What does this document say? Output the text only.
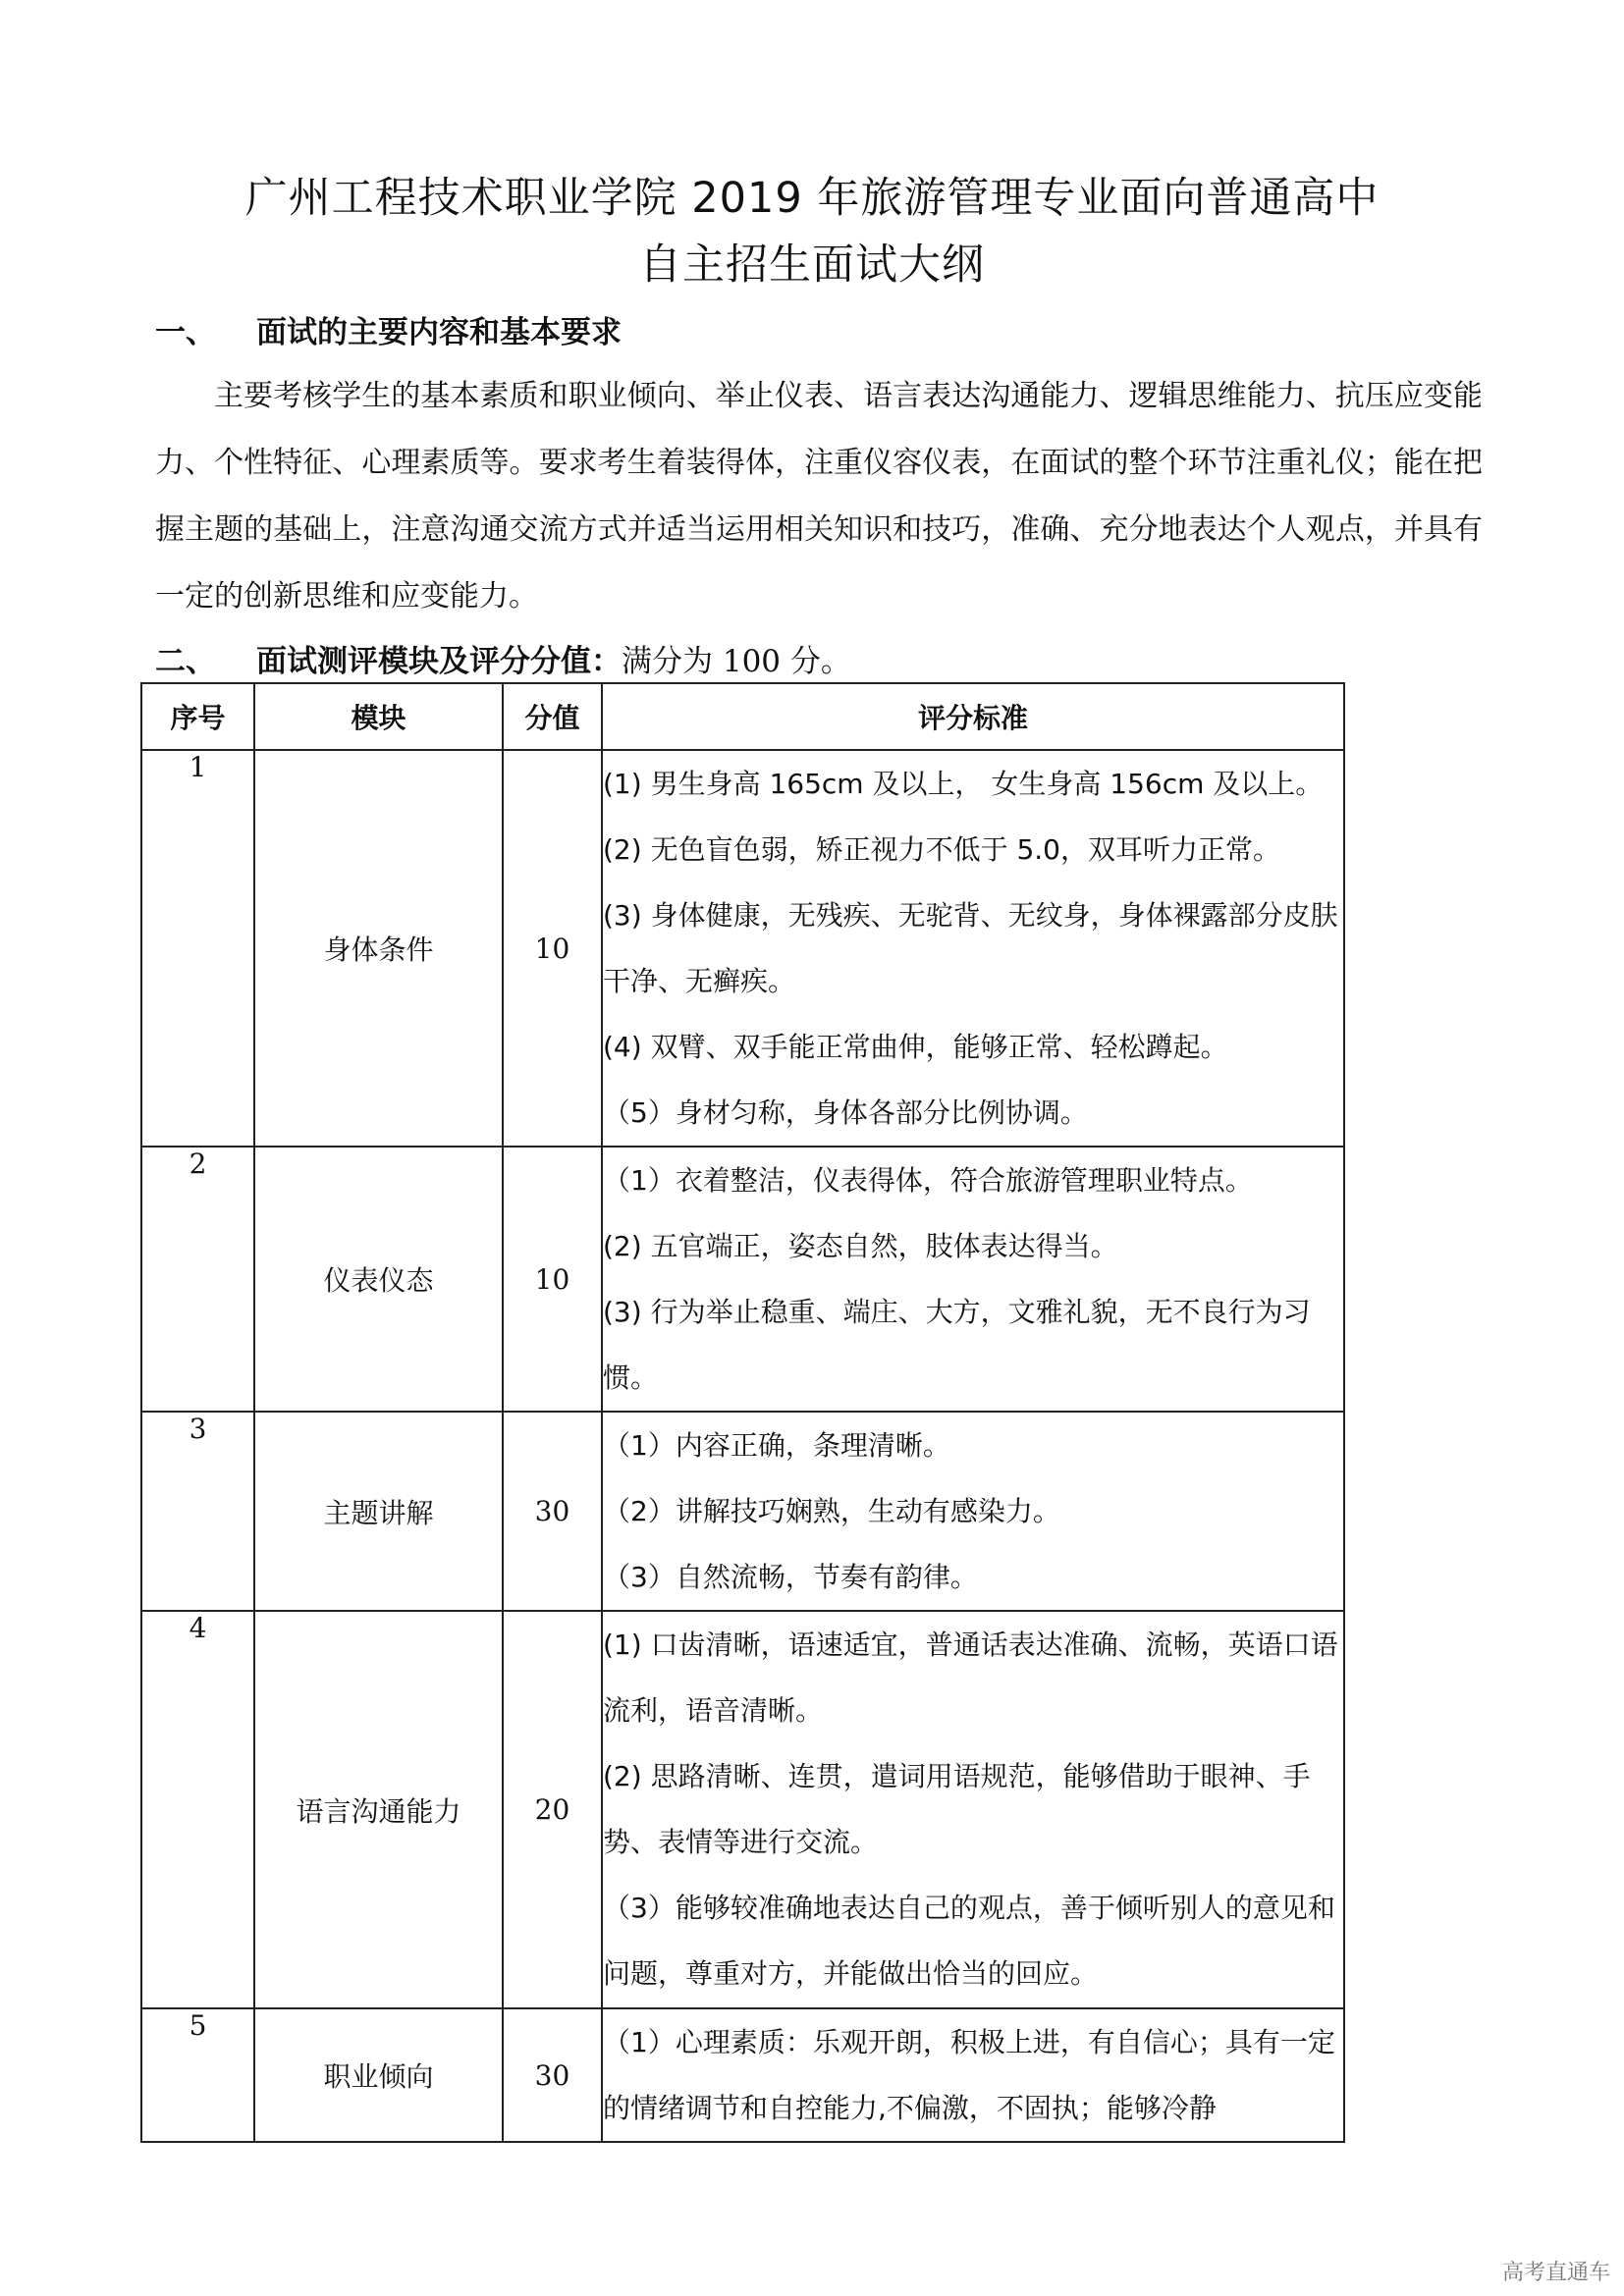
广州工程技术职业学院 2019 年旅游管理专业面向普通高中
自主招生面试大纲
一、 面试的主要内容和基本要求
主要考核学生的基本素质和职业倾向、举止仪表、语言表达沟通能力、逻辑思维能力、抗压应变能力、个性特征、心理素质等。要求考生着装得体，注重仪容仪表，在面试的整个环节注重礼仪；能在把握主题的基础上，注意沟通交流方式并适当运用相关知识和技巧，准确、充分地表达个人观点，并具有一定的创新思维和应变能力。
二、 面试测评模块及评分分值：满分为 100 分。
序号	模块	分值	评分标准
1	身体条件	10	(1) 男生身高 165cm 及以上， 女生身高 156cm 及以上。

(2) 无色盲色弱，矫正视力不低于 5.0，双耳听力正常。

(3) 身体健康，无残疾、无驼背、无纹身，身体裸露部分皮肤干净、无癣疾。

(4) 双臂、双手能正常曲伸，能够正常、轻松蹲起。

（5）身材匀称，身体各部分比例协调。

2	仪表仪态	10	（1）衣着整洁，仪表得体，符合旅游管理职业特点。

(2) 五官端正，姿态自然，肢体表达得当。

(3) 行为举止稳重、端庄、大方，文雅礼貌，无不良行为习惯。

3	主题讲解	30	（1）内容正确，条理清晰。

（2）讲解技巧娴熟，生动有感染力。

（3）自然流畅，节奏有韵律。

4	语言沟通能力	20	(1) 口齿清晰，语速适宜，普通话表达准确、流畅，英语口语流利，语音清晰。

(2) 思路清晰、连贯，遣词用语规范，能够借助于眼神、手势、表情等进行交流。

（3）能够较准确地表达自己的观点，善于倾听别人的意见和问题，尊重对方，并能做出恰当的回应。

5	职业倾向	30	（1）心理素质：乐观开朗，积极上进，有自信心；具有一定的情绪调节和自控能力,不偏激，不固执；能够冷静

高考直通车
